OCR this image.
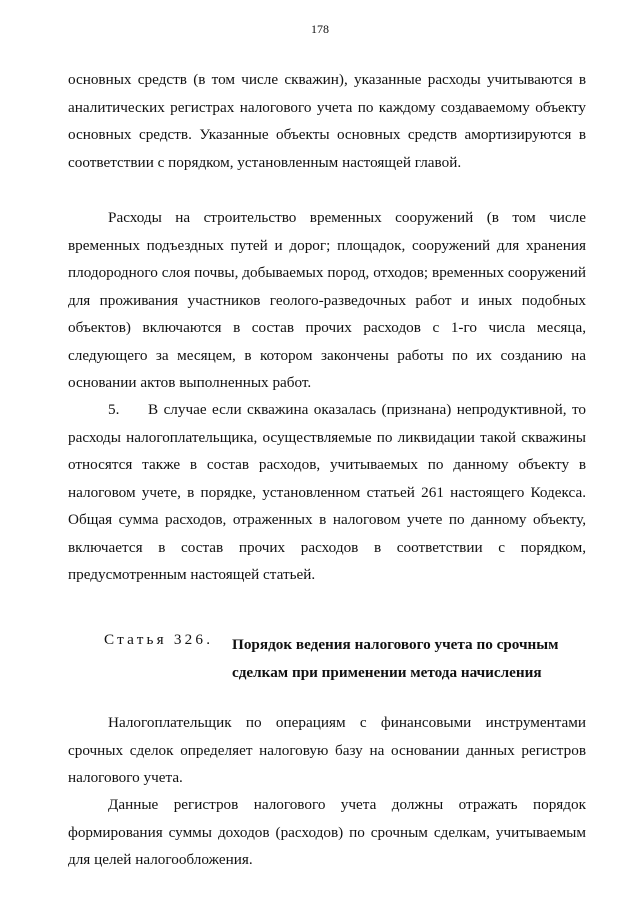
178

основных средств (в том числе скважин), указанные расходы учитываются в аналитических регистрах налогового учета по каждому создаваемому объекту основных средств. Указанные объекты основных средств амортизируются в соответствии с порядком, установленным настоящей главой.

Расходы на строительство временных сооружений (в том числе временных подъездных путей и дорог; площадок, сооружений для хранения плодородного слоя почвы, добываемых пород, отходов; временных сооружений для проживания участников геолого-разведочных работ и иных подобных объектов) включаются в состав прочих расходов с 1-го числа месяца, следующего за месяцем, в котором закончены работы по их созданию на основании актов выполненных работ.

5. В случае если скважина оказалась (признана) непродуктивной, то расходы налогоплательщика, осуществляемые по ликвидации такой скважины относятся также в состав расходов, учитываемых по данному объекту в налоговом учете, в порядке, установленном статьей 261 настоящего Кодекса. Общая сумма расходов, отраженных в налоговом учете по данному объекту, включается в состав прочих расходов в соответствии с порядком, предусмотренным настоящей статьей.

Статья 326. Порядок ведения налогового учета по срочным
сделкам при применении метода начисления

Налогоплательщик по операциям с финансовыми инструментами срочных сделок определяет налоговую базу на основании данных регистров налогового учета.

Данные регистров налогового учета должны отражать порядок формирования суммы доходов (расходов) по срочным сделкам, учитываемым для целей налогообложения.
